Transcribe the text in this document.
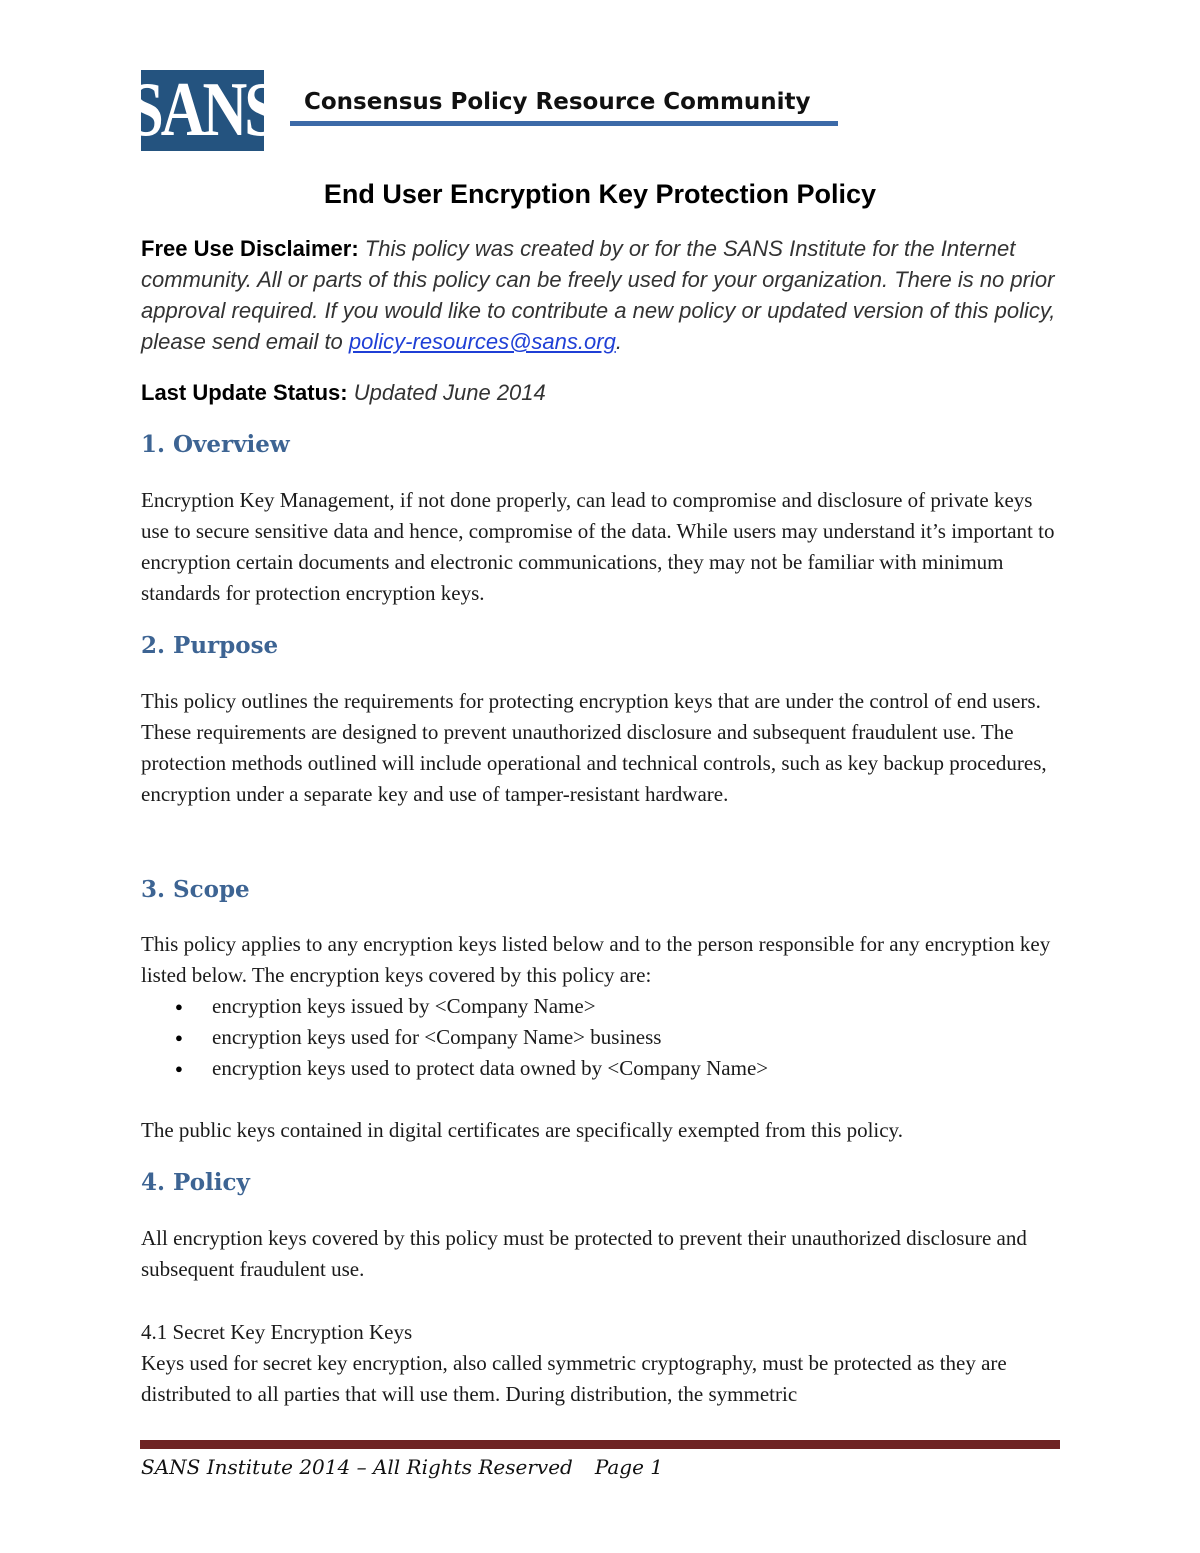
SANS Consensus Policy Resource Community
End User Encryption Key Protection Policy

Free Use Disclaimer: This policy was created by or for the SANS Institute for the Internet community. All or parts of this policy can be freely used for your organization. There is no prior approval required. If you would like to contribute a new policy or updated version of this policy, please send email to policy-resources@sans.org.

Last Update Status: Updated June 2014

1. Overview

Encryption Key Management, if not done properly, can lead to compromise and disclosure of private keys use to secure sensitive data and hence, compromise of the data. While users may understand it’s important to encryption certain documents and electronic communications, they may not be familiar with minimum standards for protection encryption keys.

2. Purpose

This policy outlines the requirements for protecting encryption keys that are under the control of end users. These requirements are designed to prevent unauthorized disclosure and subsequent fraudulent use. The protection methods outlined will include operational and technical controls, such as key backup procedures, encryption under a separate key and use of tamper-resistant hardware.

3. Scope

This policy applies to any encryption keys listed below and to the person responsible for any encryption key listed below. The encryption keys covered by this policy are:

● encryption keys issued by <Company Name>
● encryption keys used for <Company Name> business
● encryption keys used to protect data owned by <Company Name>

The public keys contained in digital certificates are specifically exempted from this policy.

4. Policy

All encryption keys covered by this policy must be protected to prevent their unauthorized disclosure and subsequent fraudulent use.

4.1 Secret Key Encryption Keys

Keys used for secret key encryption, also called symmetric cryptography, must be protected as they are distributed to all parties that will use them. During distribution, the symmetric

SANS Institute 2014 – All Rights Reserved Page 1
